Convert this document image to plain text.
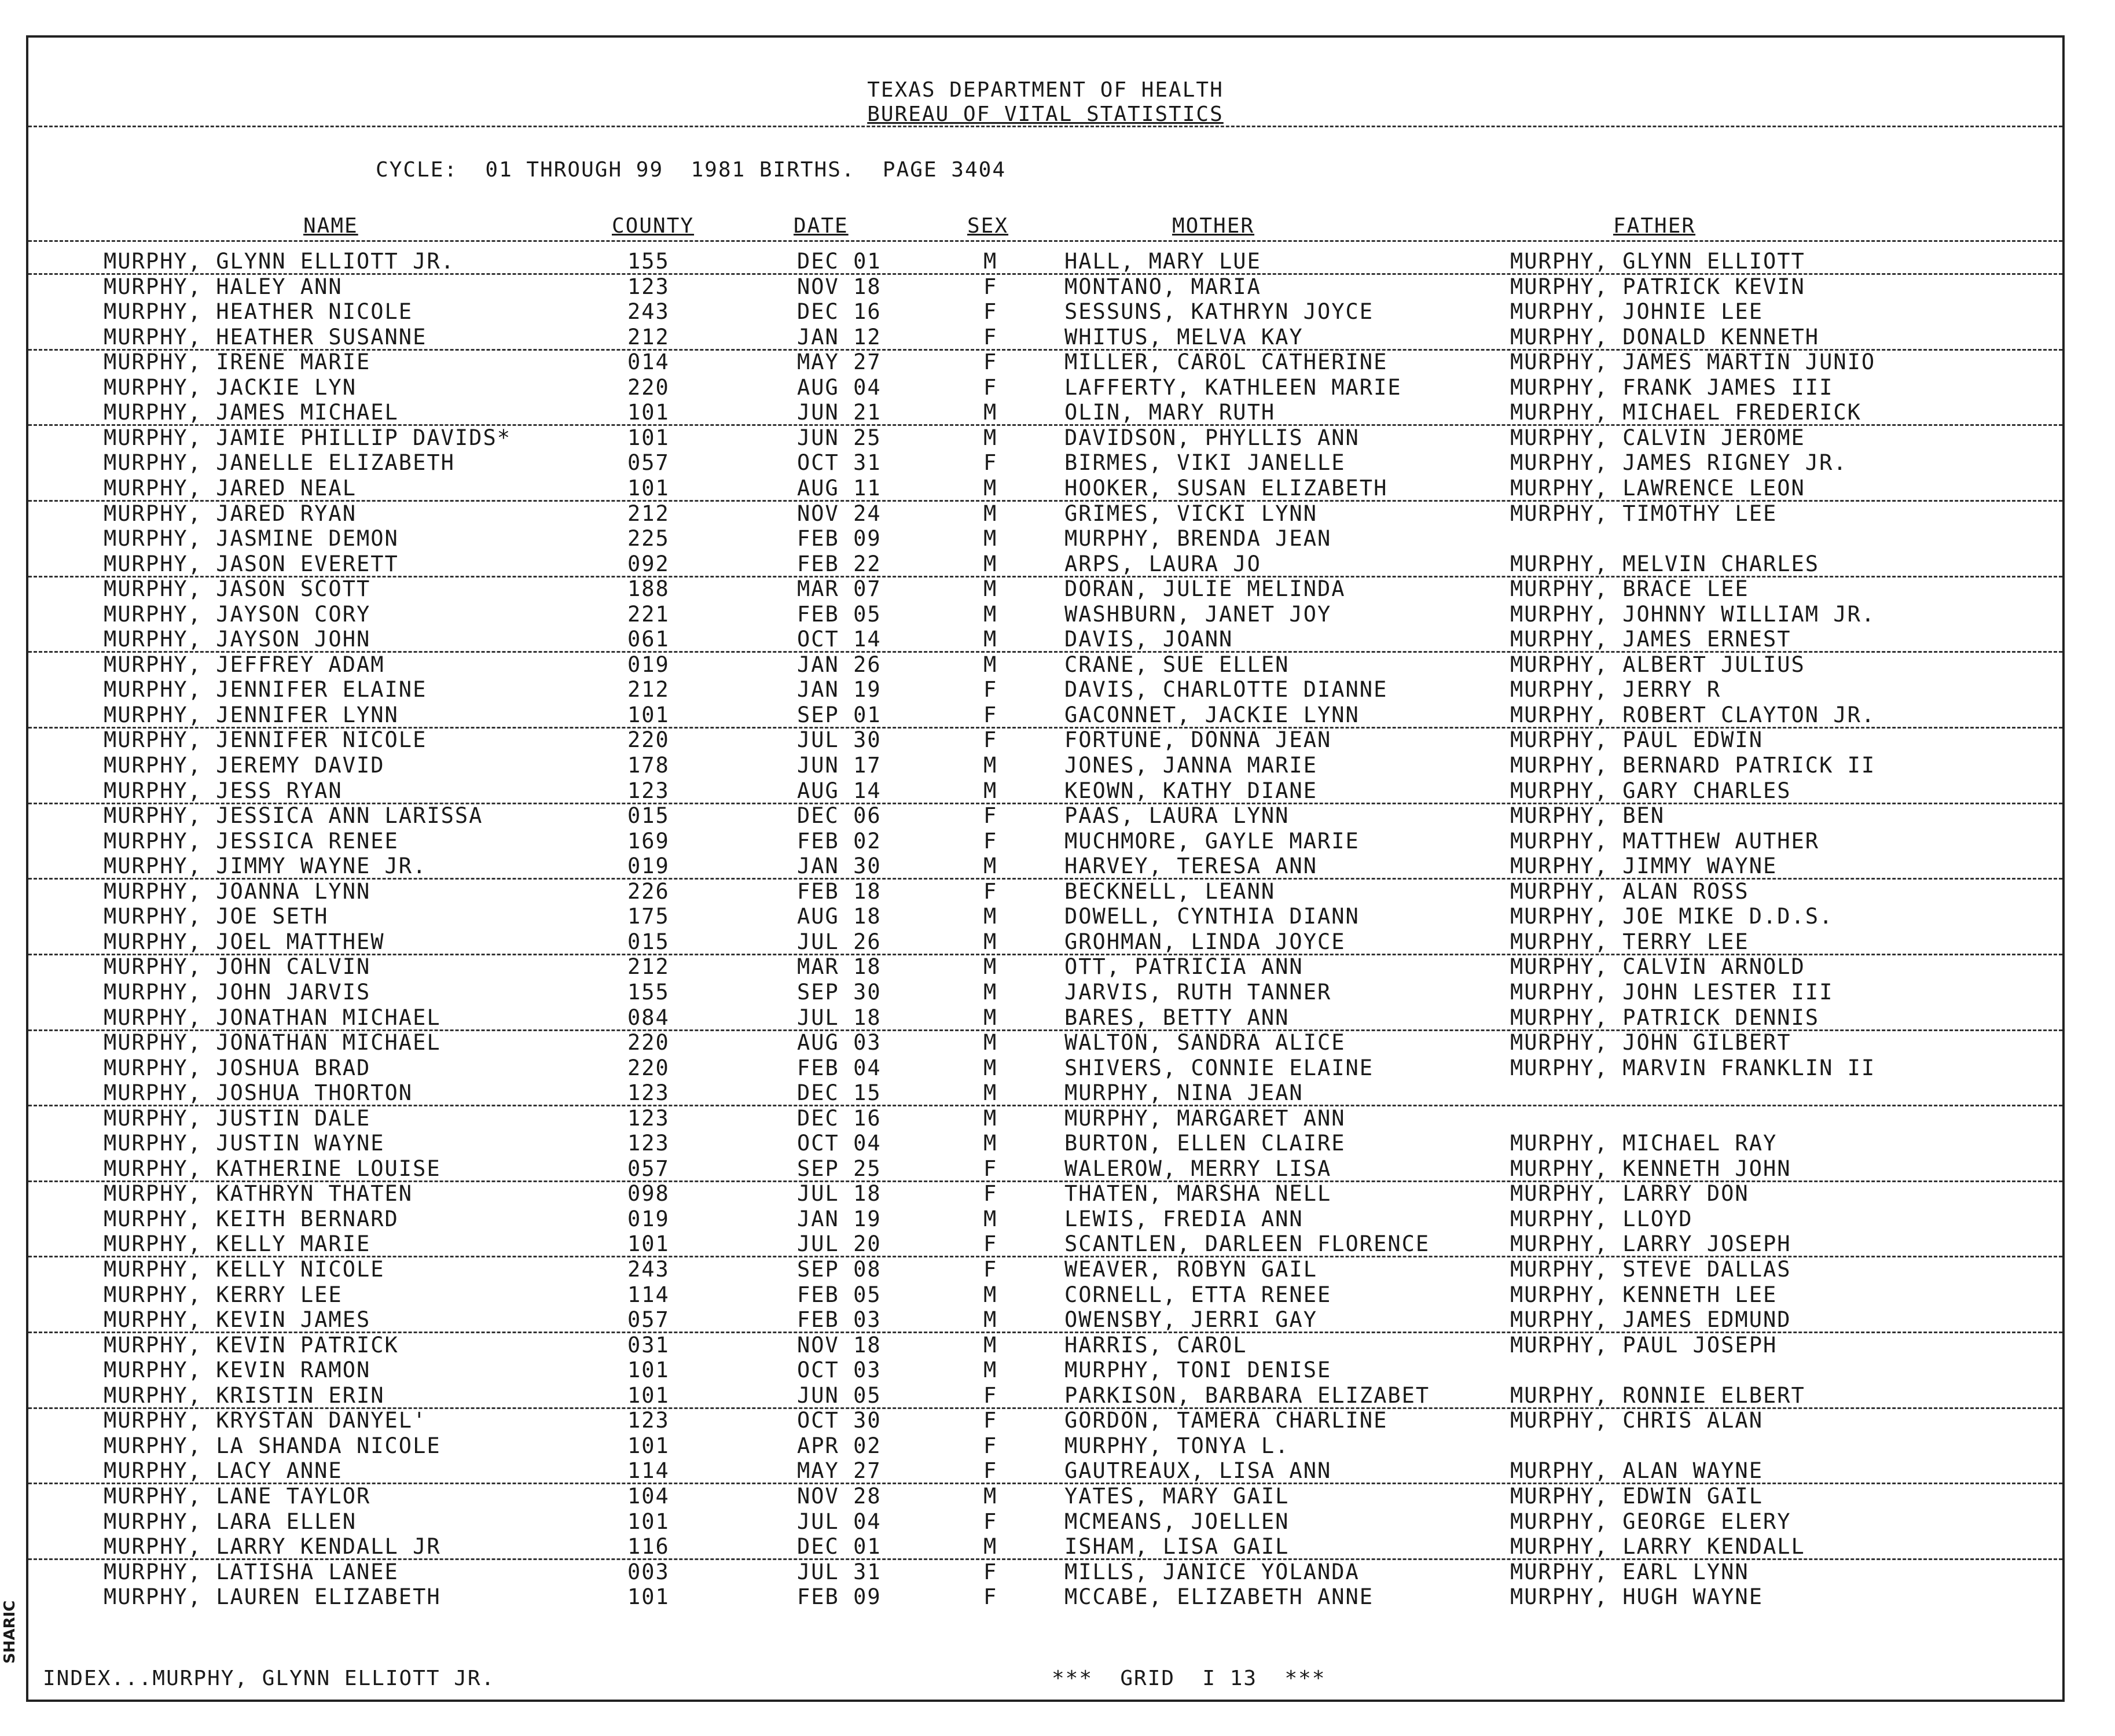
SHARIC
TEXAS DEPARTMENT OF HEALTH
BUREAU OF VITAL STATISTICS
CYCLE:  01 THROUGH 99  1981 BIRTHS.  PAGE 3404
NAME	COUNTY	DATE	SEX	MOTHER	FATHER
MURPHY, GLYNN ELLIOTT JR.	155	DEC 01	M	HALL, MARY LUE	MURPHY, GLYNN ELLIOTT
MURPHY, HALEY ANN	123	NOV 18	F	MONTANO, MARIA	MURPHY, PATRICK KEVIN
MURPHY, HEATHER NICOLE	243	DEC 16	F	SESSUNS, KATHRYN JOYCE	MURPHY, JOHNIE LEE
MURPHY, HEATHER SUSANNE	212	JAN 12	F	WHITUS, MELVA KAY	MURPHY, DONALD KENNETH
MURPHY, IRENE MARIE	014	MAY 27	F	MILLER, CAROL CATHERINE	MURPHY, JAMES MARTIN JUNIO
MURPHY, JACKIE LYN	220	AUG 04	F	LAFFERTY, KATHLEEN MARIE	MURPHY, FRANK JAMES III
MURPHY, JAMES MICHAEL	101	JUN 21	M	OLIN, MARY RUTH	MURPHY, MICHAEL FREDERICK
MURPHY, JAMIE PHILLIP DAVIDS*	101	JUN 25	M	DAVIDSON, PHYLLIS ANN	MURPHY, CALVIN JEROME
MURPHY, JANELLE ELIZABETH	057	OCT 31	F	BIRMES, VIKI JANELLE	MURPHY, JAMES RIGNEY JR.
MURPHY, JARED NEAL	101	AUG 11	M	HOOKER, SUSAN ELIZABETH	MURPHY, LAWRENCE LEON
MURPHY, JARED RYAN	212	NOV 24	M	GRIMES, VICKI LYNN	MURPHY, TIMOTHY LEE
MURPHY, JASMINE DEMON	225	FEB 09	M	MURPHY, BRENDA JEAN
MURPHY, JASON EVERETT	092	FEB 22	M	ARPS, LAURA JO	MURPHY, MELVIN CHARLES
MURPHY, JASON SCOTT	188	MAR 07	M	DORAN, JULIE MELINDA	MURPHY, BRACE LEE
MURPHY, JAYSON CORY	221	FEB 05	M	WASHBURN, JANET JOY	MURPHY, JOHNNY WILLIAM JR.
MURPHY, JAYSON JOHN	061	OCT 14	M	DAVIS, JOANN	MURPHY, JAMES ERNEST
MURPHY, JEFFREY ADAM	019	JAN 26	M	CRANE, SUE ELLEN	MURPHY, ALBERT JULIUS
MURPHY, JENNIFER ELAINE	212	JAN 19	F	DAVIS, CHARLOTTE DIANNE	MURPHY, JERRY R
MURPHY, JENNIFER LYNN	101	SEP 01	F	GACONNET, JACKIE LYNN	MURPHY, ROBERT CLAYTON JR.
MURPHY, JENNIFER NICOLE	220	JUL 30	F	FORTUNE, DONNA JEAN	MURPHY, PAUL EDWIN
MURPHY, JEREMY DAVID	178	JUN 17	M	JONES, JANNA MARIE	MURPHY, BERNARD PATRICK II
MURPHY, JESS RYAN	123	AUG 14	M	KEOWN, KATHY DIANE	MURPHY, GARY CHARLES
MURPHY, JESSICA ANN LARISSA	015	DEC 06	F	PAAS, LAURA LYNN	MURPHY, BEN
MURPHY, JESSICA RENEE	169	FEB 02	F	MUCHMORE, GAYLE MARIE	MURPHY, MATTHEW AUTHER
MURPHY, JIMMY WAYNE JR.	019	JAN 30	M	HARVEY, TERESA ANN	MURPHY, JIMMY WAYNE
MURPHY, JOANNA LYNN	226	FEB 18	F	BECKNELL, LEANN	MURPHY, ALAN ROSS
MURPHY, JOE SETH	175	AUG 18	M	DOWELL, CYNTHIA DIANN	MURPHY, JOE MIKE D.D.S.
MURPHY, JOEL MATTHEW	015	JUL 26	M	GROHMAN, LINDA JOYCE	MURPHY, TERRY LEE
MURPHY, JOHN CALVIN	212	MAR 18	M	OTT, PATRICIA ANN	MURPHY, CALVIN ARNOLD
MURPHY, JOHN JARVIS	155	SEP 30	M	JARVIS, RUTH TANNER	MURPHY, JOHN LESTER III
MURPHY, JONATHAN MICHAEL	084	JUL 18	M	BARES, BETTY ANN	MURPHY, PATRICK DENNIS
MURPHY, JONATHAN MICHAEL	220	AUG 03	M	WALTON, SANDRA ALICE	MURPHY, JOHN GILBERT
MURPHY, JOSHUA BRAD	220	FEB 04	M	SHIVERS, CONNIE ELAINE	MURPHY, MARVIN FRANKLIN II
MURPHY, JOSHUA THORTON	123	DEC 15	M	MURPHY, NINA JEAN
MURPHY, JUSTIN DALE	123	DEC 16	M	MURPHY, MARGARET ANN
MURPHY, JUSTIN WAYNE	123	OCT 04	M	BURTON, ELLEN CLAIRE	MURPHY, MICHAEL RAY
MURPHY, KATHERINE LOUISE	057	SEP 25	F	WALEROW, MERRY LISA	MURPHY, KENNETH JOHN
MURPHY, KATHRYN THATEN	098	JUL 18	F	THATEN, MARSHA NELL	MURPHY, LARRY DON
MURPHY, KEITH BERNARD	019	JAN 19	M	LEWIS, FREDIA ANN	MURPHY, LLOYD
MURPHY, KELLY MARIE	101	JUL 20	F	SCANTLEN, DARLEEN FLORENCE	MURPHY, LARRY JOSEPH
MURPHY, KELLY NICOLE	243	SEP 08	F	WEAVER, ROBYN GAIL	MURPHY, STEVE DALLAS
MURPHY, KERRY LEE	114	FEB 05	M	CORNELL, ETTA RENEE	MURPHY, KENNETH LEE
MURPHY, KEVIN JAMES	057	FEB 03	M	OWENSBY, JERRI GAY	MURPHY, JAMES EDMUND
MURPHY, KEVIN PATRICK	031	NOV 18	M	HARRIS, CAROL	MURPHY, PAUL JOSEPH
MURPHY, KEVIN RAMON	101	OCT 03	M	MURPHY, TONI DENISE
MURPHY, KRISTIN ERIN	101	JUN 05	F	PARKISON, BARBARA ELIZABET	MURPHY, RONNIE ELBERT
MURPHY, KRYSTAN DANYEL'	123	OCT 30	F	GORDON, TAMERA CHARLINE	MURPHY, CHRIS ALAN
MURPHY, LA SHANDA NICOLE	101	APR 02	F	MURPHY, TONYA L.
MURPHY, LACY ANNE	114	MAY 27	F	GAUTREAUX, LISA ANN	MURPHY, ALAN WAYNE
MURPHY, LANE TAYLOR	104	NOV 28	M	YATES, MARY GAIL	MURPHY, EDWIN GAIL
MURPHY, LARA ELLEN	101	JUL 04	F	MCMEANS, JOELLEN	MURPHY, GEORGE ELERY
MURPHY, LARRY KENDALL JR	116	DEC 01	M	ISHAM, LISA GAIL	MURPHY, LARRY KENDALL
MURPHY, LATISHA LANEE	003	JUL 31	F	MILLS, JANICE YOLANDA	MURPHY, EARL LYNN
MURPHY, LAUREN ELIZABETH	101	FEB 09	F	MCCABE, ELIZABETH ANNE	MURPHY, HUGH WAYNE
INDEX...MURPHY, GLYNN ELLIOTT JR.	***  GRID  I 13  ***
